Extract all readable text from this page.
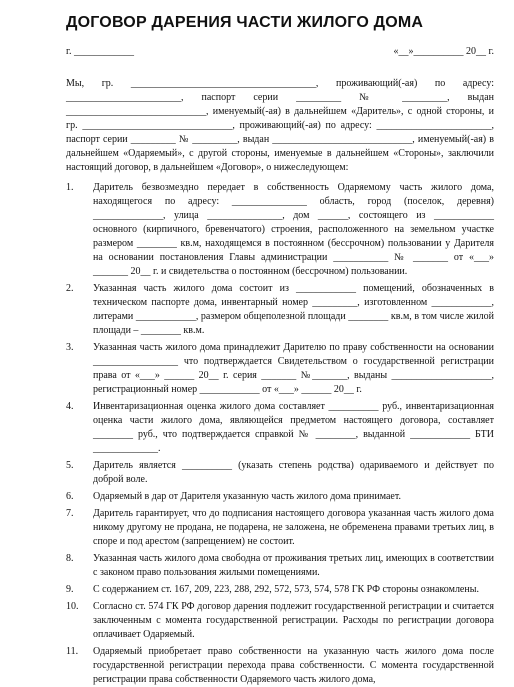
ДОГОВОР ДАРЕНИЯ ЧАСТИ ЖИЛОГО ДОМА
г. ____________	«__»__________ 20__ г.

Мы, гр. _____________________________________, проживающий(-ая) по адресу: _______________________, паспорт серии _________ № _________, выдан ____________________________, именуемый(-ая) в дальнейшем «Даритель», с одной стороны, и гр. ______________________________, проживающий(-ая) по адресу: _______________________, паспорт серии _________ № _________, выдан ____________________________, именуемый(-ая) в дальнейшем «Одаряемый», с другой стороны, именуемые в дальнейшем «Стороны», заключили настоящий договор, в дальнейшем «Договор», о нижеследующем:

1.	Даритель безвозмездно передает в собственность Одаряемому часть жилого дома, находящегося по адресу: _______________ область, город (поселок, деревня) ______________, улица _______________, дом ______, состоящего из ____________ основного (кирпичного, бревенчатого) строения, расположенного на земельном участке размером ________ кв.м, находящемся в постоянном (бессрочном) пользовании у Дарителя на основании постановления Главы администрации ___________ № _______ от «___» _______ 20__ г. и свидетельства о постоянном (бессрочном) пользовании.
2.	Указанная часть жилого дома состоит из ____________ помещений, обозначенных в техническом паспорте дома, инвентарный номер _________, изготовленном ____________, литерами ____________, размером общеполезной площади ________ кв.м, в том числе жилой площади – ________ кв.м.
3.	Указанная часть жилого дома принадлежит Дарителю по праву собственности на основании _________________ что подтверждается Свидетельством о государственной регистрации права от «___» ______ 20__ г. серия _______ №_______, выданы ____________________, регистрационный номер ____________ от «___» ______ 20__ г.
4.	Инвентаризационная оценка жилого дома составляет __________ руб., инвентаризационная оценка части жилого дома, являющейся предметом настоящего договора, составляет ________ руб., что подтверждается справкой № ________, выданной ____________ БТИ _____________.
5.	Даритель является __________ (указать степень родства) одариваемого и действует по доброй воле.
6.	Одаряемый в дар от Дарителя указанную часть жилого дома принимает.
7.	Даритель гарантирует, что до подписания настоящего договора указанная часть жилого дома никому другому не продана, не подарена, не заложена, не обременена правами третьих лиц, в споре и под арестом (запрещением) не состоит.
8.	Указанная часть жилого дома свободна от проживания третьих лиц, имеющих в соответствии с законом право пользования жилыми помещениями.
9.	С содержанием ст. 167, 209, 223, 288, 292, 572, 573, 574, 578 ГК РФ стороны ознакомлены.
10.	Согласно ст. 574 ГК РФ договор дарения подлежит государственной регистрации и считается заключенным с момента государственной регистрации. Расходы по регистрации договора оплачивает Одаряемый.
11.	Одаряемый приобретает право собственности на указанную часть жилого дома после государственной регистрации перехода права собственности. С момента государственной регистрации права собственности Одаряемого часть жилого дома,
